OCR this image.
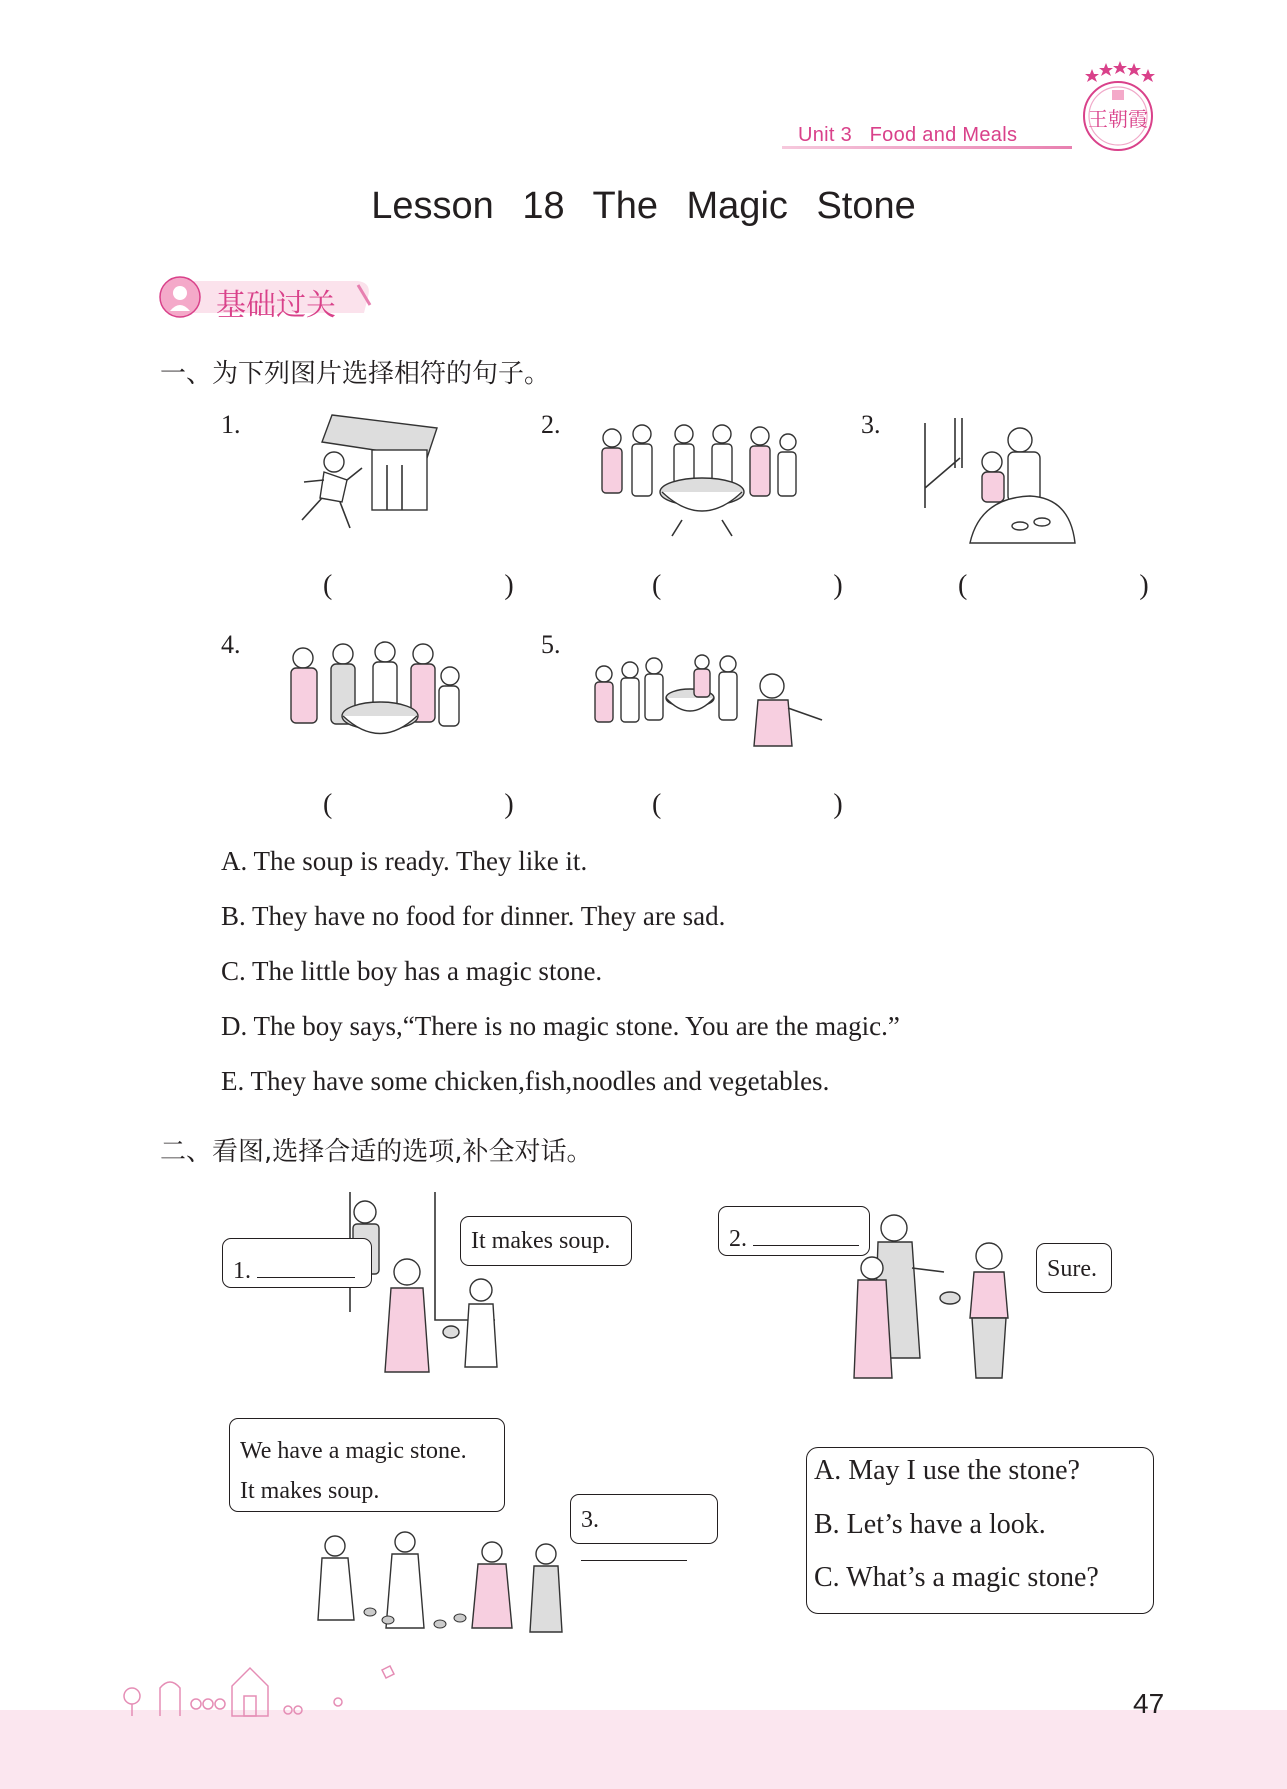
Unit 3 Food and Meals
王朝霞
Lesson 18 The Magic Stone
基础过关
一、为下列图片选择相符的句子。
1.	2.	3.
4.	5.
(    )	(    )	(    )
(    )	(    )
A. The soup is ready. They like it.
B. They have no food for dinner. They are sad.
C. The little boy has a magic stone.
D. The boy says,“There is no magic stone. You are the magic.”
E. They have some chicken,fish,noodles and vegetables.
二、看图,选择合适的选项,补全对话。
1.
It makes soup.	2.
Sure.
We have a magic stone.
It makes soup.
3.
A. May I use the stone?
B. Let’s have a look.
C. What’s a magic stone?
47
